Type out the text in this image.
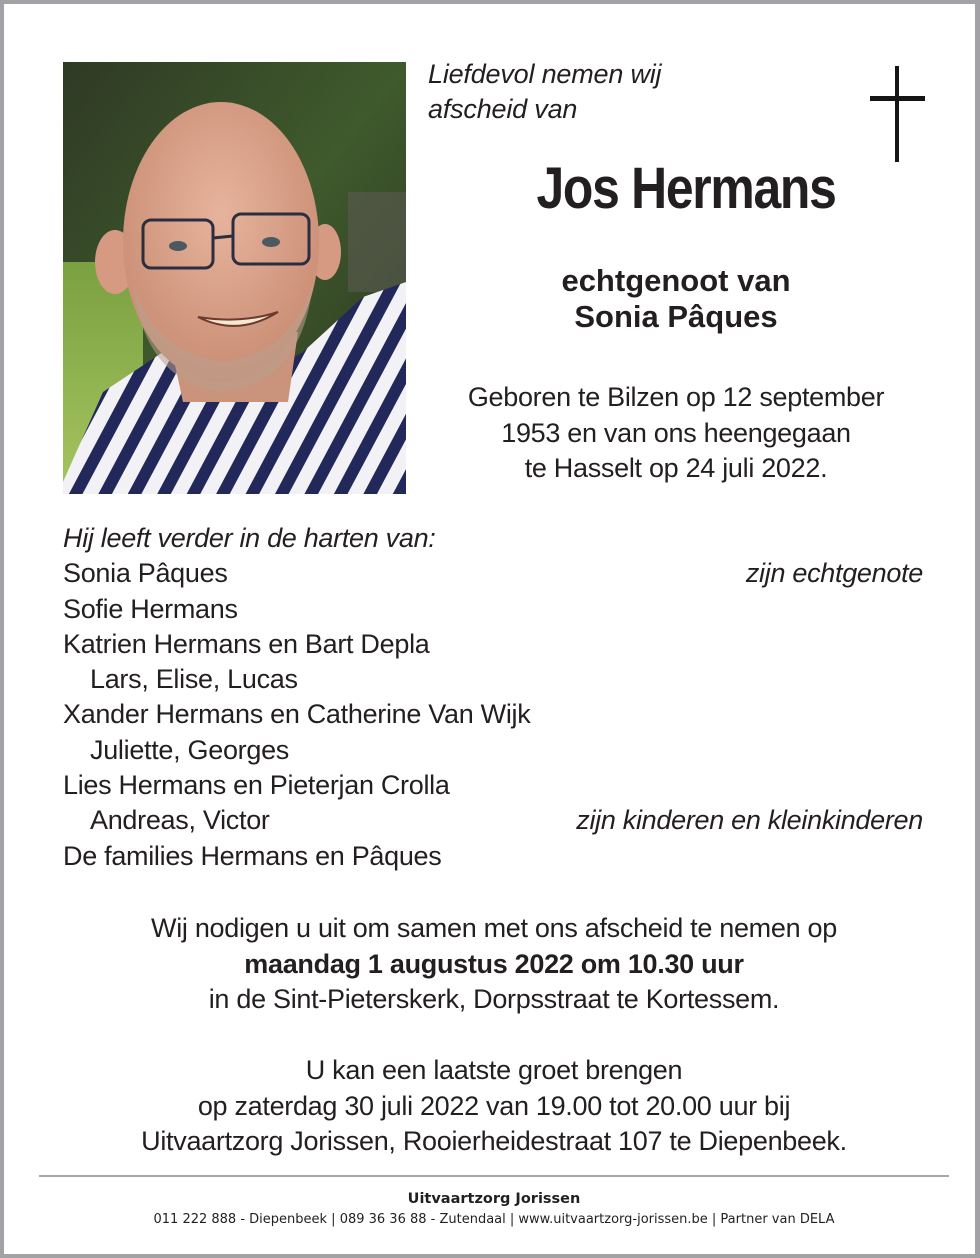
Liefdevol nemen wij
afscheid van
Jos Hermans
echtgenoot van
Sonia Pâques
Geboren te Bilzen op 12 september
1953 en van ons heengegaan
te Hasselt op 24 juli 2022.
Hij leeft verder in de harten van:
Sonia Pâques	zijn echtgenote
Sofie Hermans
Katrien Hermans en Bart Depla
Lars, Elise, Lucas
Xander Hermans en Catherine Van Wijk
Juliette, Georges
Lies Hermans en Pieterjan Crolla
Andreas, Victor	zijn kinderen en kleinkinderen
De families Hermans en Pâques
Wij nodigen u uit om samen met ons afscheid te nemen op
maandag 1 augustus 2022 om 10.30 uur
in de Sint-Pieterskerk, Dorpsstraat te Kortessem.
U kan een laatste groet brengen
op zaterdag 30 juli 2022 van 19.00 tot 20.00 uur bij
Uitvaartzorg Jorissen, Rooierheidestraat 107 te Diepenbeek.
Uitvaartzorg Jorissen
011 222 888 - Diepenbeek | 089 36 36 88 - Zutendaal | www.uitvaartzorg-jorissen.be | Partner van DELA
